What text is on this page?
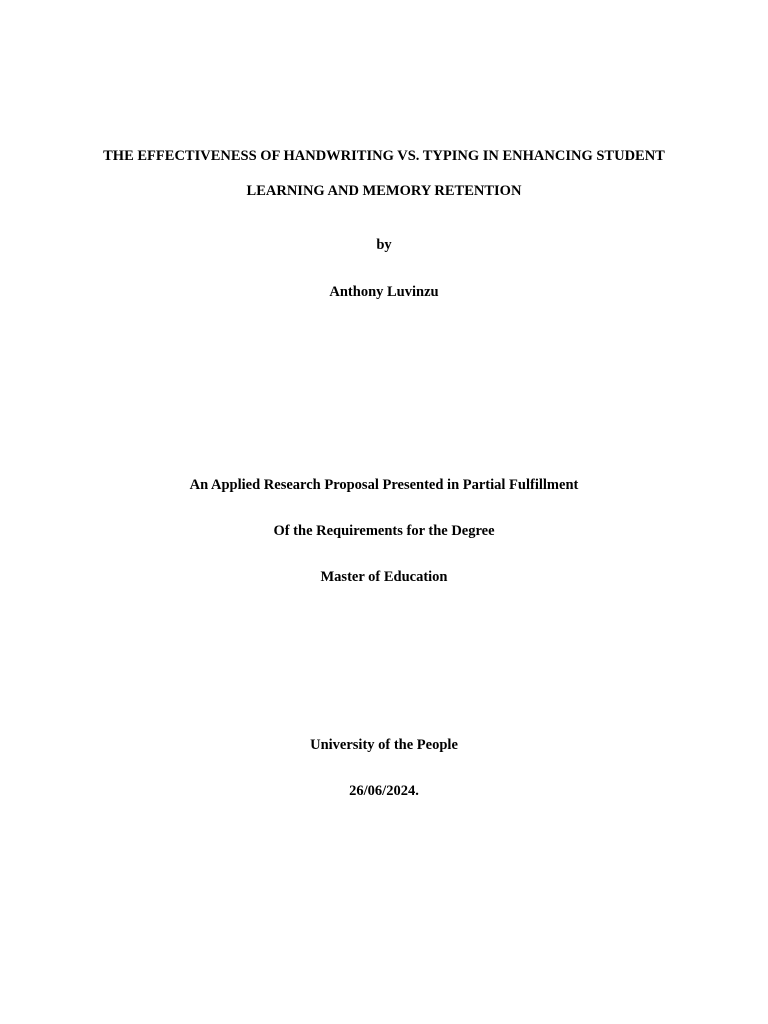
THE EFFECTIVENESS OF HANDWRITING VS. TYPING IN ENHANCING STUDENT
LEARNING AND MEMORY RETENTION
by
Anthony Luvinzu
An Applied Research Proposal Presented in Partial Fulfillment
Of the Requirements for the Degree
Master of Education
University of the People
26/06/2024.
